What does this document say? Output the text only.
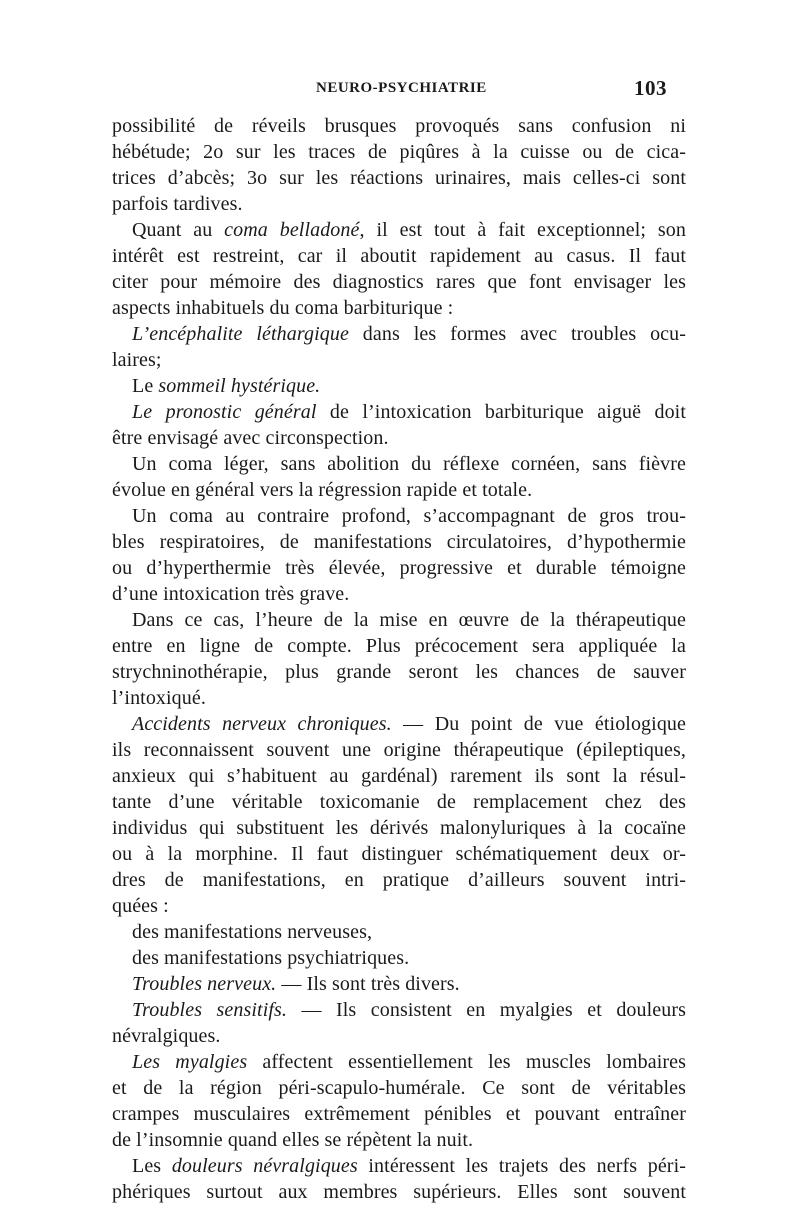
NEURO-PSYCHIATRIE	103
possibilité de réveils brusques provoqués sans confusion ni
hébétude; 2o sur les traces de piqûres à la cuisse ou de cica-
trices d’abcès; 3o sur les réactions urinaires, mais celles-ci sont
parfois tardives.
Quant au coma belladoné, il est tout à fait exceptionnel; son
intérêt est restreint, car il aboutit rapidement au casus. Il faut
citer pour mémoire des diagnostics rares que font envisager les
aspects inhabituels du coma barbiturique :
L’encéphalite léthargique dans les formes avec troubles ocu-
laires;
Le sommeil hystérique.
Le pronostic général de l’intoxication barbiturique aiguë doit
être envisagé avec circonspection.
Un coma léger, sans abolition du réflexe cornéen, sans fièvre
évolue en général vers la régression rapide et totale.
Un coma au contraire profond, s’accompagnant de gros trou-
bles respiratoires, de manifestations circulatoires, d’hypothermie
ou d’hyperthermie très élevée, progressive et durable témoigne
d’une intoxication très grave.
Dans ce cas, l’heure de la mise en œuvre de la thérapeutique
entre en ligne de compte. Plus précocement sera appliquée la
strychninothérapie, plus grande seront les chances de sauver
l’intoxiqué.
Accidents nerveux chroniques. — Du point de vue étiologique
ils reconnaissent souvent une origine thérapeutique (épileptiques,
anxieux qui s’habituent au gardénal) rarement ils sont la résul-
tante d’une véritable toxicomanie de remplacement chez des
individus qui substituent les dérivés malonyluriques à la cocaïne
ou à la morphine. Il faut distinguer schématiquement deux or-
dres de manifestations, en pratique d’ailleurs souvent intri-
quées :
des manifestations nerveuses,
des manifestations psychiatriques.
Troubles nerveux. — Ils sont très divers.
Troubles sensitifs. — Ils consistent en myalgies et douleurs
névralgiques.
Les myalgies affectent essentiellement les muscles lombaires
et de la région péri-scapulo-humérale. Ce sont de véritables
crampes musculaires extrêmement pénibles et pouvant entraîner
de l’insomnie quand elles se répètent la nuit.
Les douleurs névralgiques intéressent les trajets des nerfs péri-
phériques surtout aux membres supérieurs. Elles sont souvent
